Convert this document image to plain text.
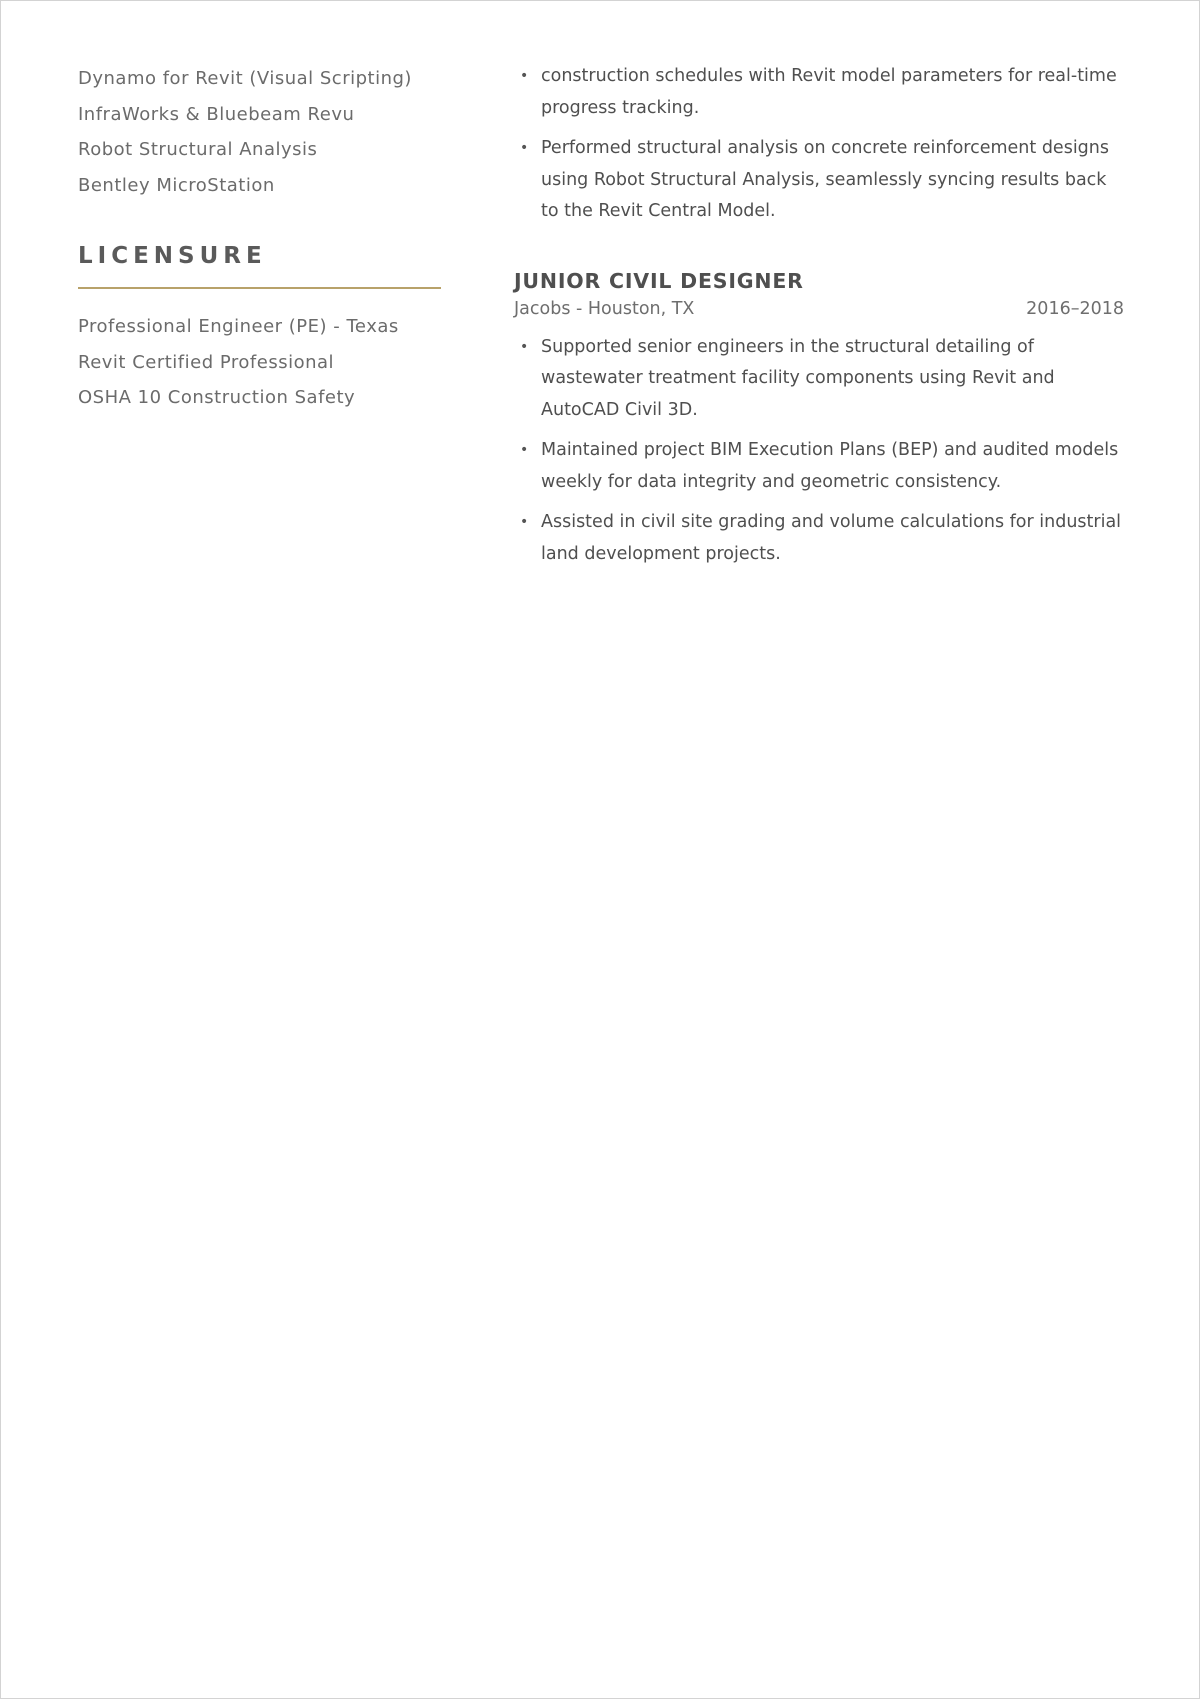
Dynamo for Revit (Visual Scripting)
InfraWorks & Bluebeam Revu
Robot Structural Analysis
Bentley MicroStation
LICENSURE
Professional Engineer (PE) - Texas
Revit Certified Professional
OSHA 10 Construction Safety
• construction schedules with Revit model parameters for real-time progress tracking.
• Performed structural analysis on concrete reinforcement designs using Robot Structural Analysis, seamlessly syncing results back to the Revit Central Model.
JUNIOR CIVIL DESIGNER
Jacobs - Houston, TX	2016–2018
• Supported senior engineers in the structural detailing of wastewater treatment facility components using Revit and AutoCAD Civil 3D.
• Maintained project BIM Execution Plans (BEP) and audited models weekly for data integrity and geometric consistency.
• Assisted in civil site grading and volume calculations for industrial land development projects.
